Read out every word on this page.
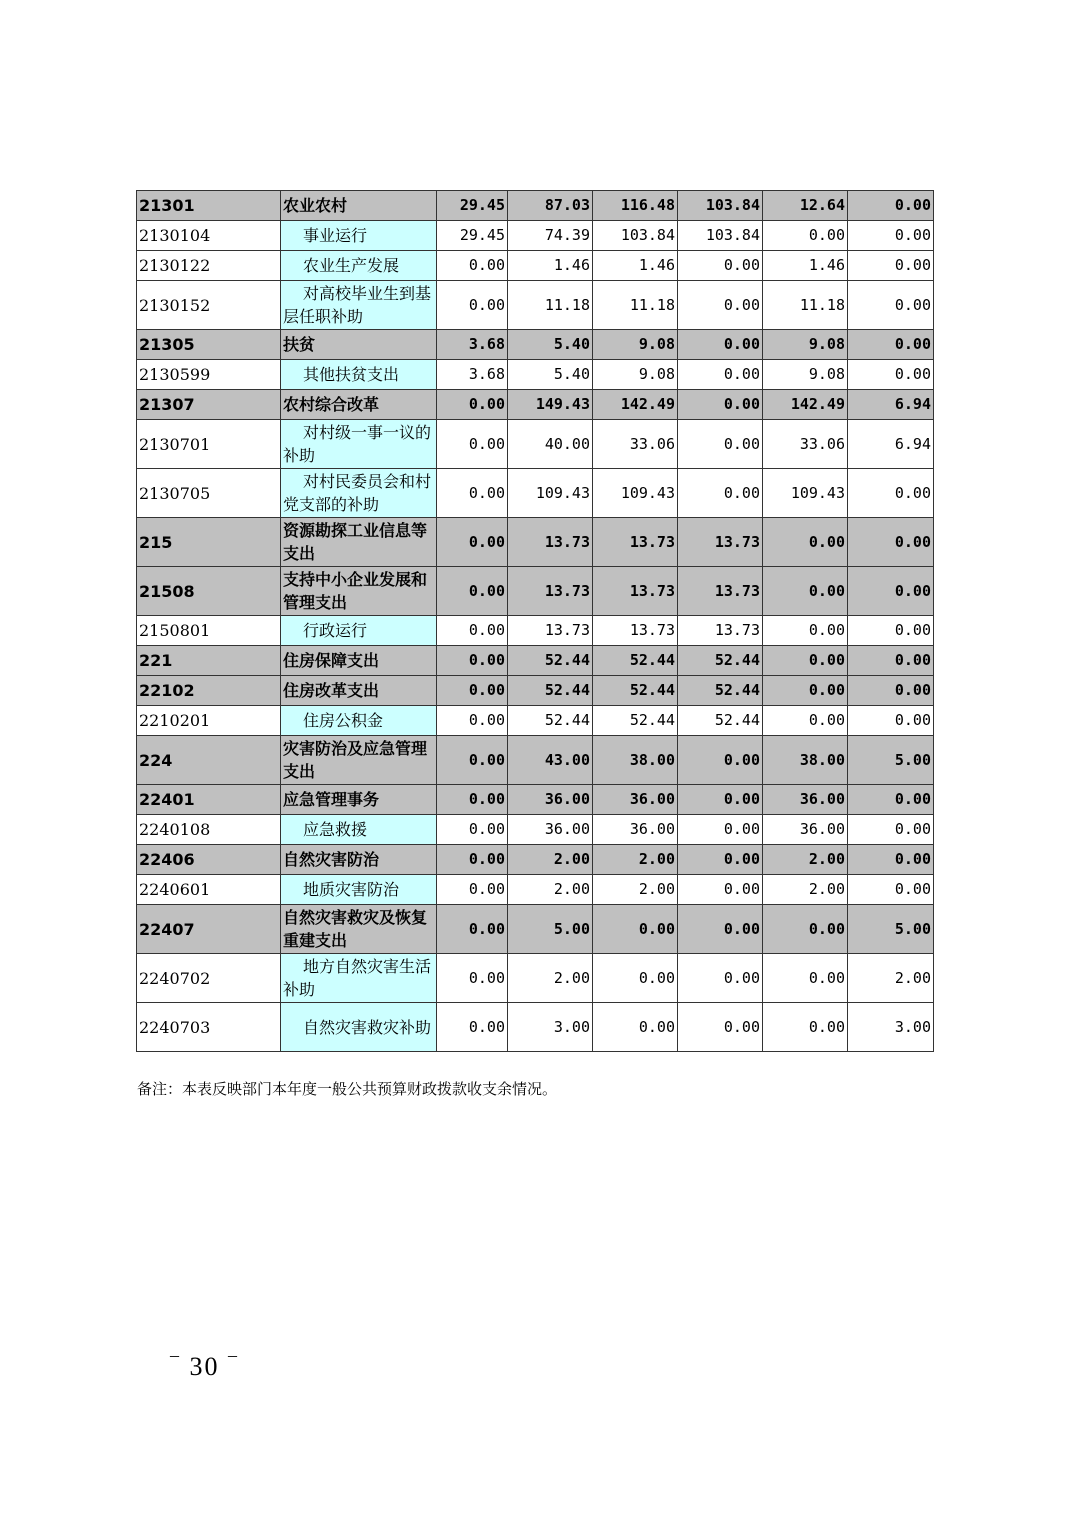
21301	农业农村	29.45	87.03	116.48	103.84	12.64	0.00
2130104	事业运行	29.45	74.39	103.84	103.84	0.00	0.00
2130122	农业生产发展	0.00	1.46	1.46	0.00	1.46	0.00
2130152	对高校毕业生到基层任职补助	0.00	11.18	11.18	0.00	11.18	0.00
21305	扶贫	3.68	5.40	9.08	0.00	9.08	0.00
2130599	其他扶贫支出	3.68	5.40	9.08	0.00	9.08	0.00
21307	农村综合改革	0.00	149.43	142.49	0.00	142.49	6.94
2130701	对村级一事一议的补助	0.00	40.00	33.06	0.00	33.06	6.94
2130705	对村民委员会和村党支部的补助	0.00	109.43	109.43	0.00	109.43	0.00
215	资源勘探工业信息等支出	0.00	13.73	13.73	13.73	0.00	0.00
21508	支持中小企业发展和管理支出	0.00	13.73	13.73	13.73	0.00	0.00
2150801	行政运行	0.00	13.73	13.73	13.73	0.00	0.00
221	住房保障支出	0.00	52.44	52.44	52.44	0.00	0.00
22102	住房改革支出	0.00	52.44	52.44	52.44	0.00	0.00
2210201	住房公积金	0.00	52.44	52.44	52.44	0.00	0.00
224	灾害防治及应急管理支出	0.00	43.00	38.00	0.00	38.00	5.00
22401	应急管理事务	0.00	36.00	36.00	0.00	36.00	0.00
2240108	应急救援	0.00	36.00	36.00	0.00	36.00	0.00
22406	自然灾害防治	0.00	2.00	2.00	0.00	2.00	0.00
2240601	地质灾害防治	0.00	2.00	2.00	0.00	2.00	0.00
22407	自然灾害救灾及恢复重建支出	0.00	5.00	0.00	0.00	0.00	5.00
2240702	地方自然灾害生活补助	0.00	2.00	0.00	0.00	0.00	2.00
2240703	自然灾害救灾补助	0.00	3.00	0.00	0.00	0.00	3.00
备注：本表反映部门本年度一般公共预算财政拨款收支余情况。
– 30 –
